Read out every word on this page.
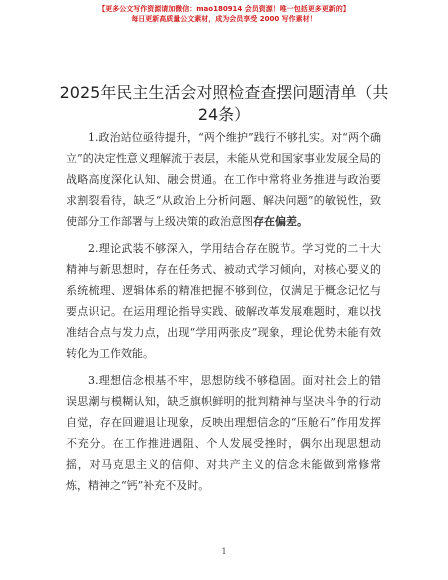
【更多公文写作资源请加微信：mao180914 会员资源！唯一包括更多更新的】
每日更新高质量公文素材，成为会员享受 2000 写作素材！
2025年民主生活会对照检查查摆问题清单（共
24条）

1.政治站位亟待提升，“两个维护”践行不够扎实。对“两个确立”的决定性意义理解流于表层，未能从党和国家事业发展全局的战略高度深化认知、融会贯通。在工作中常将业务推进与政治要求割裂看待，缺乏“从政治上分析问题、解决问题”的敏锐性，致使部分工作部署与上级决策的政治意图存在偏差。

2.理论武装不够深入，学用结合存在脱节。学习党的二十大精神与新思想时，存在任务式、被动式学习倾向，对核心要义的系统梳理、逻辑体系的精准把握不够到位，仅满足于概念记忆与要点识记。在运用理论指导实践、破解改革发展难题时，难以找准结合点与发力点，出现“学用两张皮”现象，理论优势未能有效转化为工作效能。

3.理想信念根基不牢，思想防线不够稳固。面对社会上的错误思潮与模糊认知，缺乏旗帜鲜明的批判精神与坚决斗争的行动自觉，存在回避退让现象，反映出理想信念的“压舱石”作用发挥不充分。在工作推进遇阻、个人发展受挫时，偶尔出现思想动摇，对马克思主义的信仰、对共产主义的信念未能做到常修常炼，精神之“钙”补充不及时。

1
